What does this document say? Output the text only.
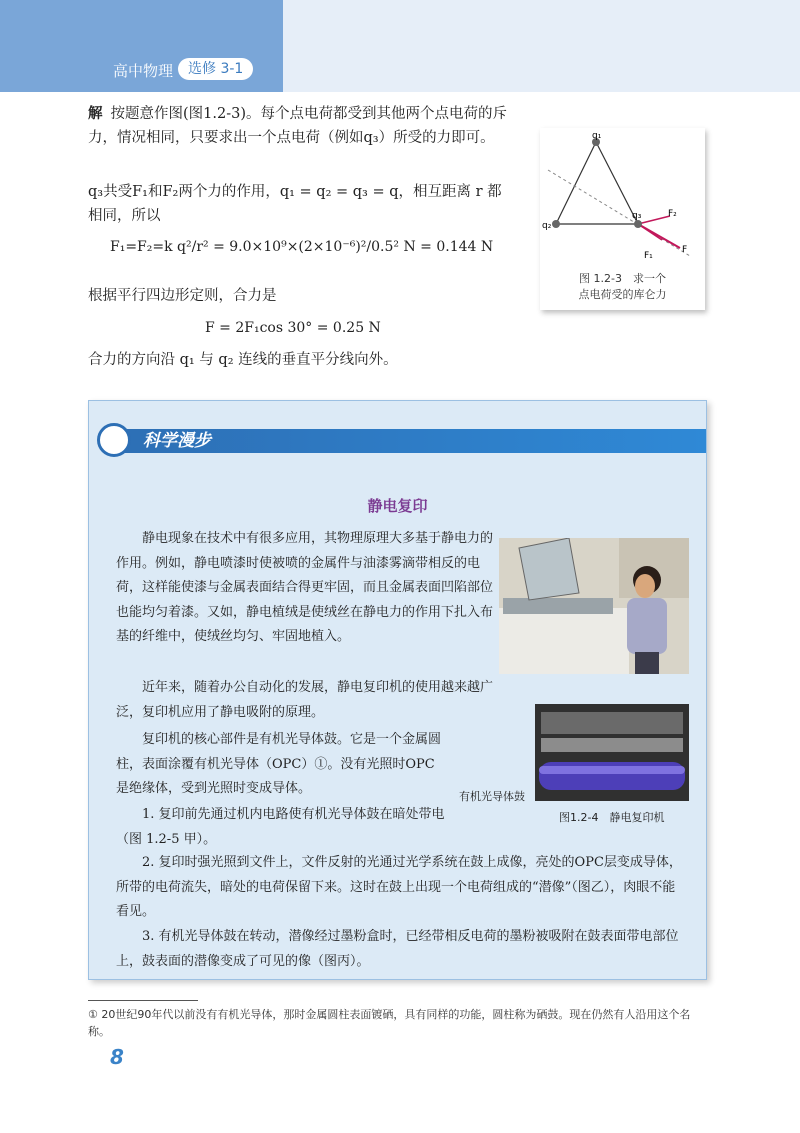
高中物理	选修 3-1

解 按题意作图(图1.2-3)。每个点电荷都受到其他两个点电荷的斥力，情况相同，只要求出一个点电荷（例如q₃）所受的力即可。

q₃共受F₁和F₂两个力的作用，q₁ = q₂ = q₃ = q，相互距离 r 都相同，所以

F₁=F₂=k q²/r² = 9.0×10⁹×(2×10⁻⁶)²/0.5² N = 0.144 N

根据平行四边形定则，合力是

F = 2F₁cos 30° = 0.25 N

合力的方向沿 q₁ 与 q₂ 连线的垂直平分线向外。

q₁
q₂
q₃	F₂
F₁
F
图 1.2-3　求一个
点电荷受的库仑力
科学漫步
静电复印

静电现象在技术中有很多应用，其物理原理大多基于静电力的作用。例如，静电喷漆时使被喷的金属件与油漆雾滴带相反的电荷，这样能使漆与金属表面结合得更牢固，而且金属表面凹陷部位也能均匀着漆。又如，静电植绒是使绒丝在静电力的作用下扎入布基的纤维中，使绒丝均匀、牢固地植入。

近年来，随着办公自动化的发展，静电复印机的使用越来越广泛，复印机应用了静电吸附的原理。

复印机的核心部件是有机光导体鼓。它是一个金属圆柱，表面涂覆有机光导体（OPC）①。没有光照时OPC是绝缘体，受到光照时变成导体。

1. 复印前先通过机内电路使有机光导体鼓在暗处带电（图 1.2-5 甲）。

2. 复印时强光照到文件上，文件反射的光通过光学系统在鼓上成像，亮处的OPC层变成导体，所带的电荷流失，暗处的电荷保留下来。这时在鼓上出现一个电荷组成的“潜像”（图乙），肉眼不能看见。

3. 有机光导体鼓在转动，潜像经过墨粉盒时，已经带相反电荷的墨粉被吸附在鼓表面带电部位上，鼓表面的潜像变成了可见的像（图丙）。

有机光导体鼓
图1.2-4　静电复印机

① 20世纪90年代以前没有有机光导体，那时金属圆柱表面镀硒，具有同样的功能，圆柱称为硒鼓。现在仍然有人沿用这个名称。

8
